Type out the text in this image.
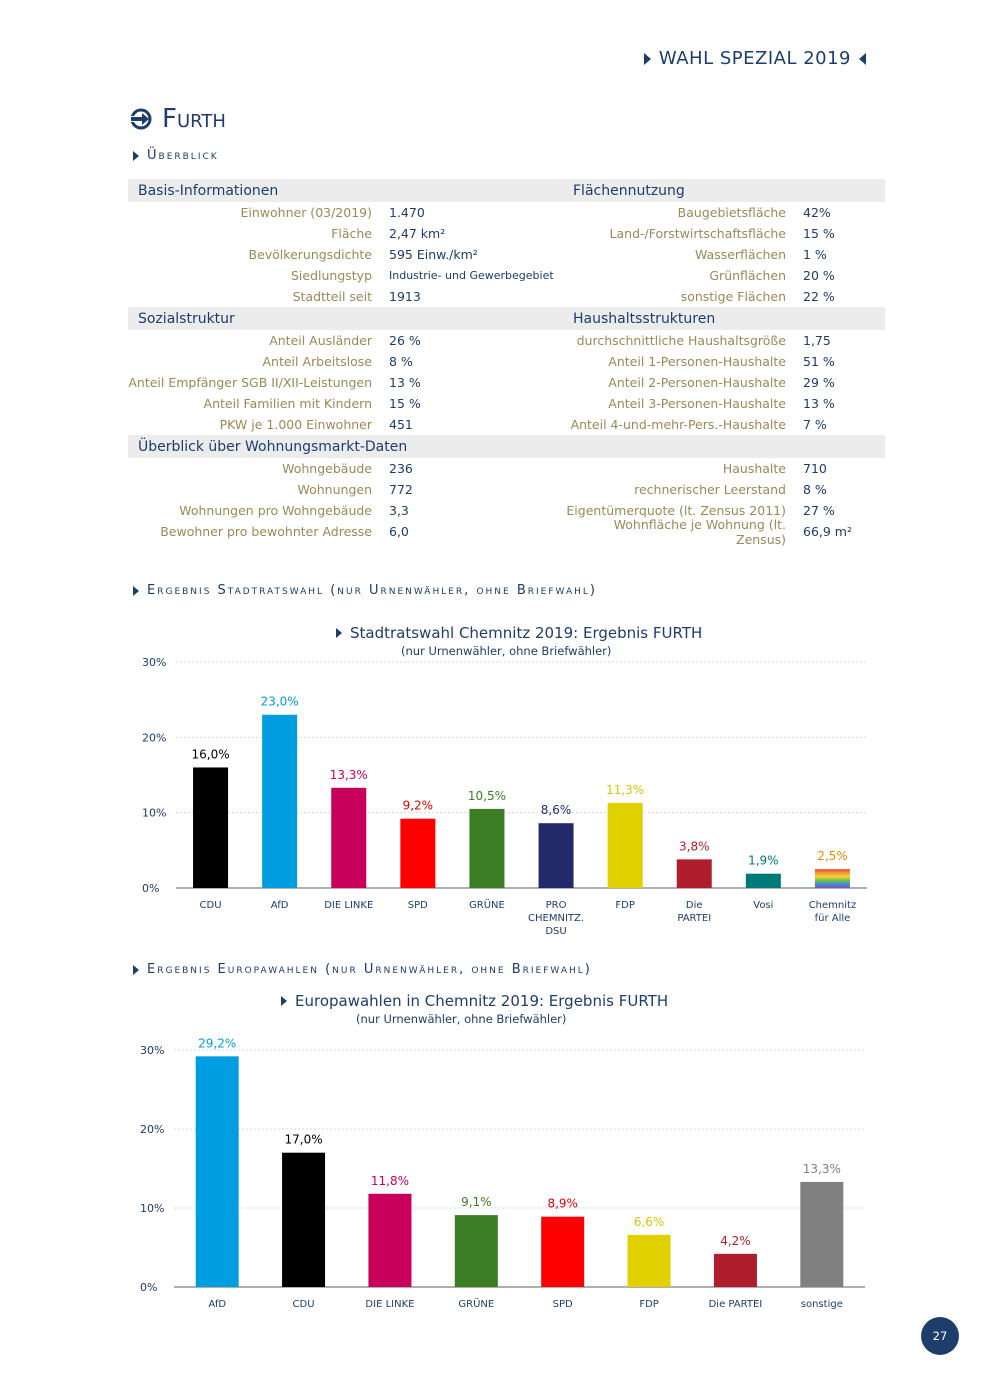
WAHL SPEZIAL 2019
Furth
Überblick
Basis-Informationen	Flächennutzung
Einwohner (03/2019)	1.470	Baugebietsfläche	42%
Fläche	2,47 km²	Land-/Forstwirtschaftsfläche	15 %
Bevölkerungsdichte	595 Einw./km²	Wasserflächen	1 %
Siedlungstyp	Industrie- und Gewerbegebiet	Grünflächen	20 %
Stadtteil seit	1913	sonstige Flächen	22 %
Sozialstruktur	Haushaltsstrukturen
Anteil Ausländer	26 %	durchschnittliche Haushaltsgröße	1,75
Anteil Arbeitslose	8 %	Anteil 1-Personen-Haushalte	51 %
Anteil Empfänger SGB II/XII-Leistungen	13 %	Anteil 2-Personen-Haushalte	29 %
Anteil Familien mit Kindern	15 %	Anteil 3-Personen-Haushalte	13 %
PKW je 1.000 Einwohner	451	Anteil 4-und-mehr-Pers.-Haushalte	7 %
Überblick über Wohnungsmarkt-Daten
Wohngebäude	236	Haushalte	710
Wohnungen	772	rechnerischer Leerstand	8 %
Wohnungen pro Wohngebäude	3,3	Eigentümerquote (lt. Zensus 2011)	27 %
Bewohner pro bewohnter Adresse	6,0	Wohnfläche je Wohnung (lt. Zensus)	66,9 m²
Ergebnis Stadtratswahl (nur Urnenwähler, ohne Briefwahl)
Stadtratswahl Chemnitz 2019: Ergebnis FURTH
(nur Urnenwähler, ohne Briefwähler)
0%
10%
20%
30%
16,0%
CDU
23,0%
AfD
13,3%
DIE LINKE
9,2%
SPD
10,5%
GRÜNE
8,6%
PRO
CHEMNITZ.
DSU
11,3%
FDP
3,8%
Die
PARTEI
1,9%
Vosi
2,5%
Chemnitz
für Alle
Ergebnis Europawahlen (nur Urnenwähler, ohne Briefwahl)
Europawahlen in Chemnitz 2019: Ergebnis FURTH
(nur Urnenwähler, ohne Briefwähler)
0%
10%
20%
30%
29,2%
AfD
17,0%
CDU
11,8%
DIE LINKE
9,1%
GRÜNE
8,9%
SPD
6,6%
FDP
4,2%
Die PARTEI
13,3%
sonstige
27
